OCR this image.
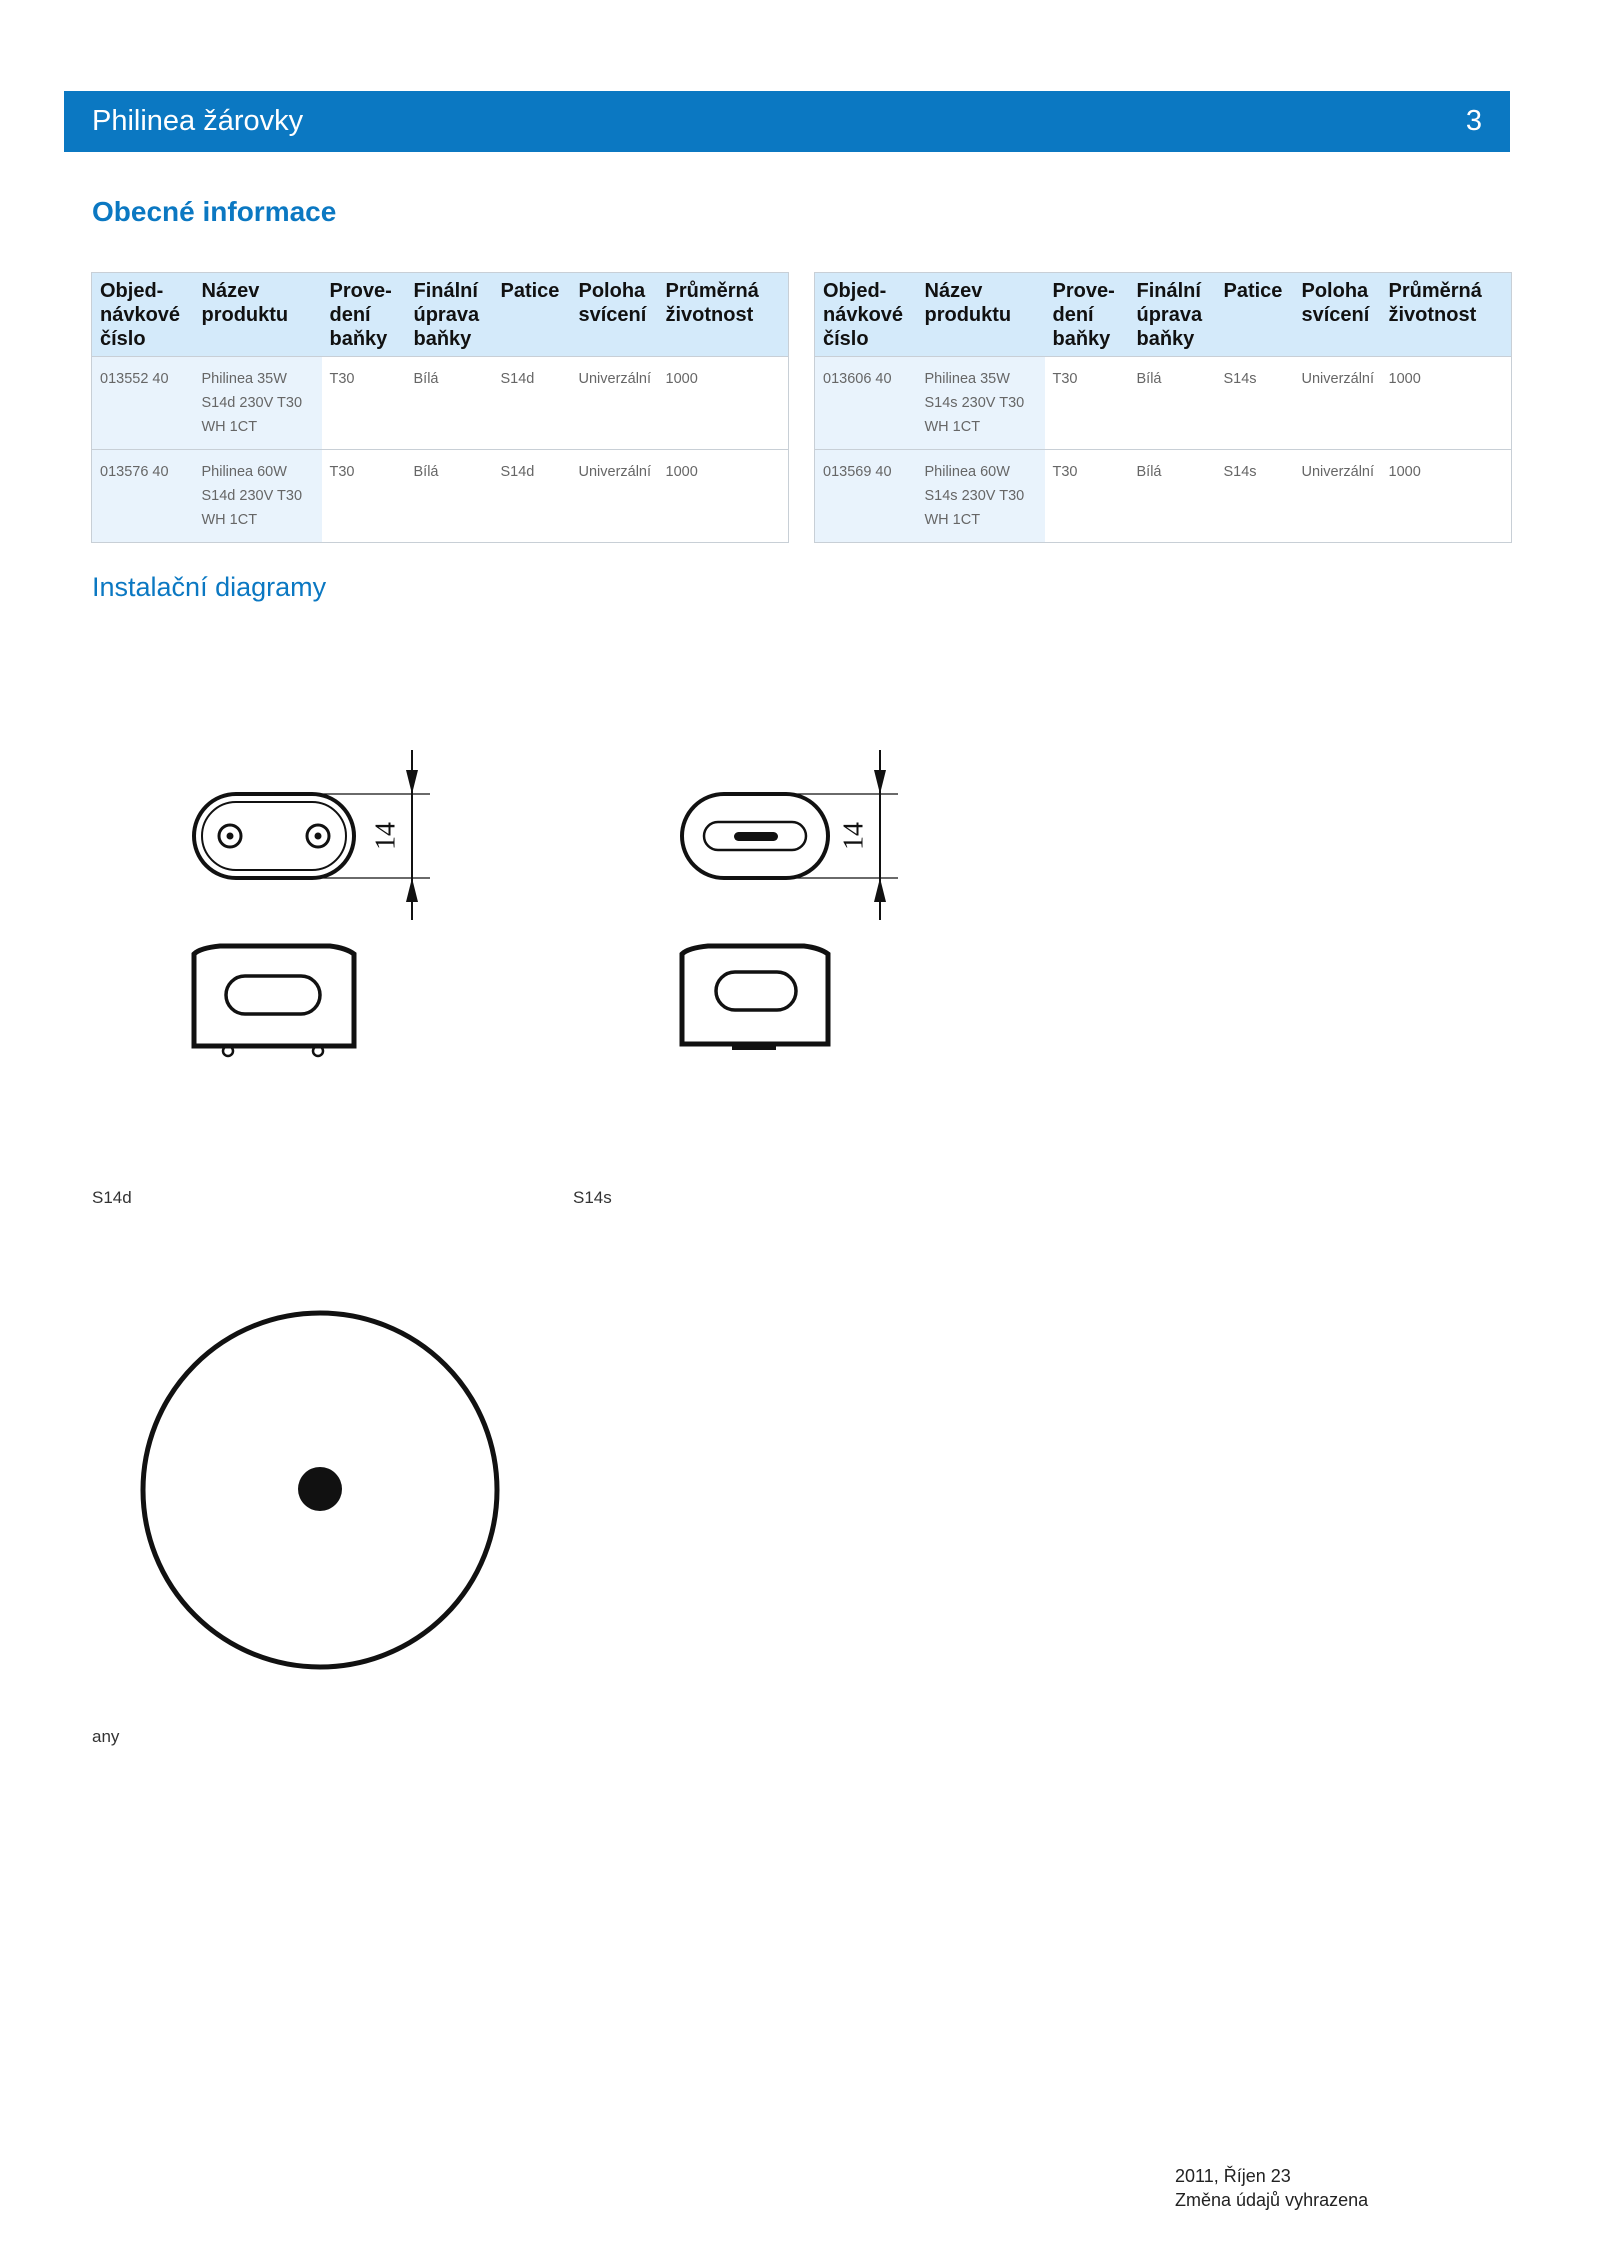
Philinea žárovky	3
Obecné informace
Objed-
návkové
číslo	Název
produktu	Prove-
dení
baňky	Finální
úprava
baňky	Patice	Poloha
svícení	Průměrná
životnost
013552 40	Philinea 35W
S14d 230V T30
WH 1CT	T30	Bílá	S14d	Univerzální	1000
013576 40	Philinea 60W
S14d 230V T30
WH 1CT	T30	Bílá	S14d	Univerzální	1000
Objed-
návkové
číslo	Název
produktu	Prove-
dení
baňky	Finální
úprava
baňky	Patice	Poloha
svícení	Průměrná
životnost
013606 40	Philinea 35W
S14s 230V T30
WH 1CT	T30	Bílá	S14s	Univerzální	1000
013569 40	Philinea 60W
S14s 230V T30
WH 1CT	T30	Bílá	S14s	Univerzální	1000
Instalační diagramy
14	14
S14d	S14s
any
2011, Říjen 23
Změna údajů vyhrazena
